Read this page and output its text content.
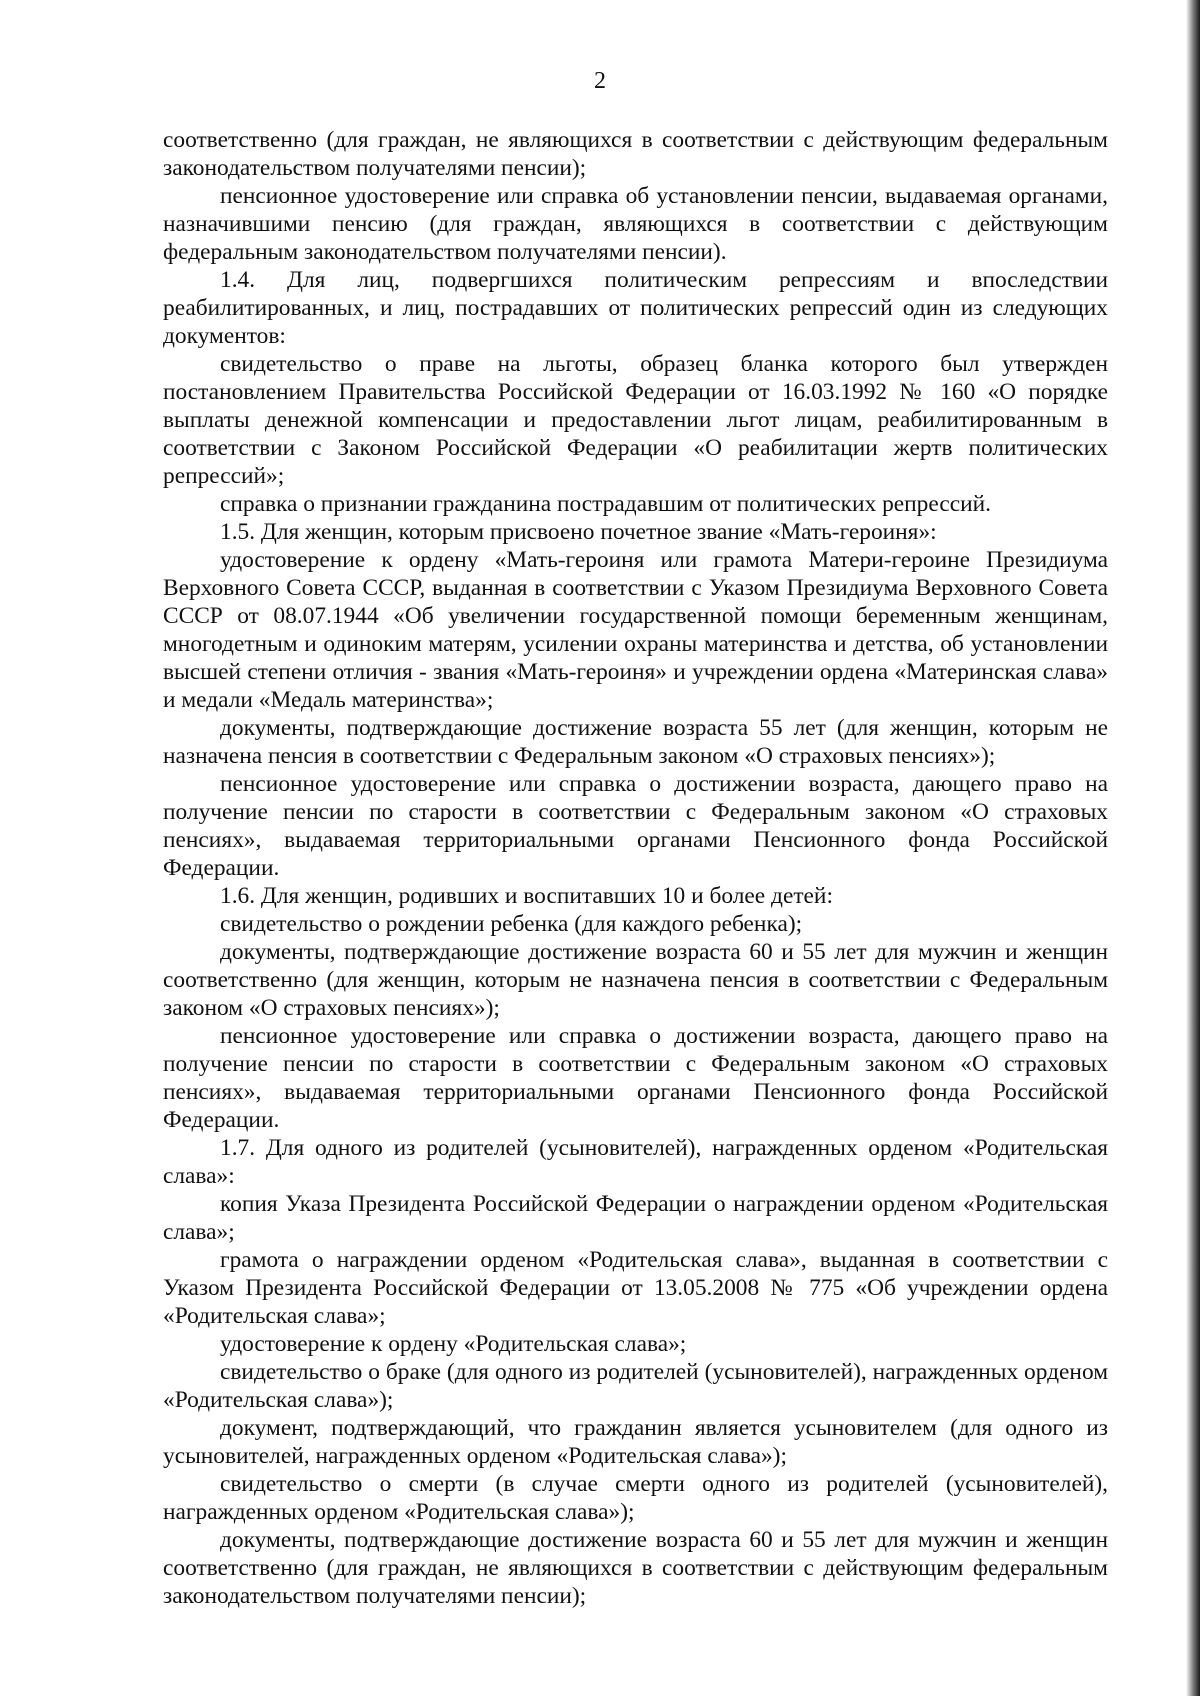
2

соответственно (для граждан, не являющихся в соответствии с действующим федеральным законодательством получателями пенсии);

пенсионное удостоверение или справка об установлении пенсии, выдаваемая органами, назначившими пенсию (для граждан, являющихся в соответствии с действующим федеральным законодательством получателями пенсии).

1.4. Для лиц, подвергшихся политическим репрессиям и впоследствии реабилитированных, и лиц, пострадавших от политических репрессий один из следующих документов:

свидетельство о праве на льготы, образец бланка которого был утвержден постановлением Правительства Российской Федерации от 16.03.1992 № 160 «О порядке выплаты денежной компенсации и предоставлении льгот лицам, реабилитированным в соответствии с Законом Российской Федерации «О реабилитации жертв политических репрессий»;

справка о признании гражданина пострадавшим от политических репрессий.

1.5. Для женщин, которым присвоено почетное звание «Мать-героиня»:

удостоверение к ордену «Мать-героиня или грамота Матери-героине Президиума Верховного Совета СССР, выданная в соответствии с Указом Президиума Верховного Совета СССР от 08.07.1944 «Об увеличении государственной помощи беременным женщинам, многодетным и одиноким матерям, усилении охраны материнства и детства, об установлении высшей степени отличия - звания «Мать-героиня» и учреждении ордена «Материнская слава» и медали «Медаль материнства»;

документы, подтверждающие достижение возраста 55 лет (для женщин, которым не назначена пенсия в соответствии с Федеральным законом «О страховых пенсиях»);

пенсионное удостоверение или справка о достижении возраста, дающего право на получение пенсии по старости в соответствии с Федеральным законом «О страховых пенсиях», выдаваемая территориальными органами Пенсионного фонда Российской Федерации.

1.6. Для женщин, родивших и воспитавших 10 и более детей:

свидетельство о рождении ребенка (для каждого ребенка);

документы, подтверждающие достижение возраста 60 и 55 лет для мужчин и женщин соответственно (для женщин, которым не назначена пенсия в соответствии с Федеральным законом «О страховых пенсиях»);

пенсионное удостоверение или справка о достижении возраста, дающего право на получение пенсии по старости в соответствии с Федеральным законом «О страховых пенсиях», выдаваемая территориальными органами Пенсионного фонда Российской Федерации.

1.7. Для одного из родителей (усыновителей), награжденных орденом «Родительская слава»:

копия Указа Президента Российской Федерации о награждении орденом «Родительская слава»;

грамота о награждении орденом «Родительская слава», выданная в соответствии с Указом Президента Российской Федерации от 13.05.2008 № 775 «Об учреждении ордена «Родительская слава»;

удостоверение к ордену «Родительская слава»;

свидетельство о браке (для одного из родителей (усыновителей), награжденных орденом «Родительская слава»);

документ, подтверждающий, что гражданин является усыновителем (для одного из усыновителей, награжденных орденом «Родительская слава»);

свидетельство о смерти (в случае смерти одного из родителей (усыновителей), награжденных орденом «Родительская слава»);

документы, подтверждающие достижение возраста 60 и 55 лет для мужчин и женщин соответственно (для граждан, не являющихся в соответствии с действующим федеральным законодательством получателями пенсии);
